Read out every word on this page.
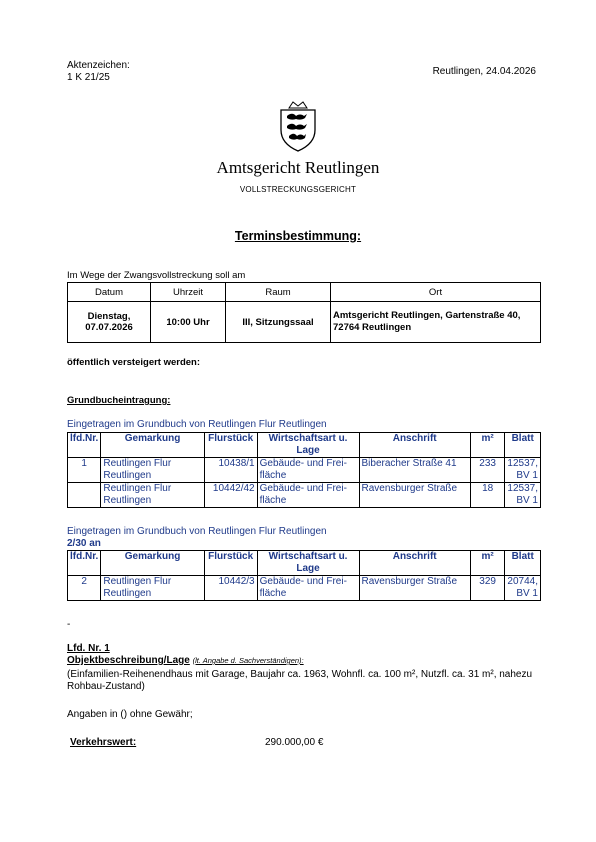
Aktenzeichen:
1 K 21/25
Reutlingen, 24.04.2026
Amtsgericht Reutlingen
VOLLSTRECKUNGSGERICHT
Terminsbestimmung:
Im Wege der Zwangsvollstreckung soll am
Datum	Uhrzeit	Raum	Ort

Dienstag,
07.07.2026	10:00 Uhr	III, Sitzungssaal	Amtsgericht Reutlingen, Gartenstraße 40, 72764 Reutlingen
öffentlich versteigert werden:
Grundbucheintragung:
Eingetragen im Grundbuch von Reutlingen Flur Reutlingen
lfd.Nr.	Gemarkung	Flurstück	Wirtschaftsart u. Lage	Anschrift	m²	Blatt
1	Reutlingen Flur Reutlingen	10438/1	Gebäude- und Frei-fläche	Biberacher Straße 41	233	12537, BV 1
	Reutlingen Flur Reutlingen	10442/42	Gebäude- und Frei-fläche	Ravensburger Straße	18	12537, BV 1
Eingetragen im Grundbuch von Reutlingen Flur Reutlingen
2/30 an
lfd.Nr.	Gemarkung	Flurstück	Wirtschaftsart u. Lage	Anschrift	m²	Blatt
2	Reutlingen Flur Reutlingen	10442/3	Gebäude- und Frei-fläche	Ravensburger Straße	329	20744, BV 1
-
Lfd. Nr. 1
Objektbeschreibung/Lage (lt. Angabe d. Sachverständigen):
(Einfamilien-Reihenendhaus mit Garage, Baujahr ca. 1963, Wohnfl. ca. 100 m², Nutzfl. ca. 31 m², nahezu Rohbau-Zustand)
Angaben in () ohne Gewähr;
Verkehrswert:	290.000,00 €
